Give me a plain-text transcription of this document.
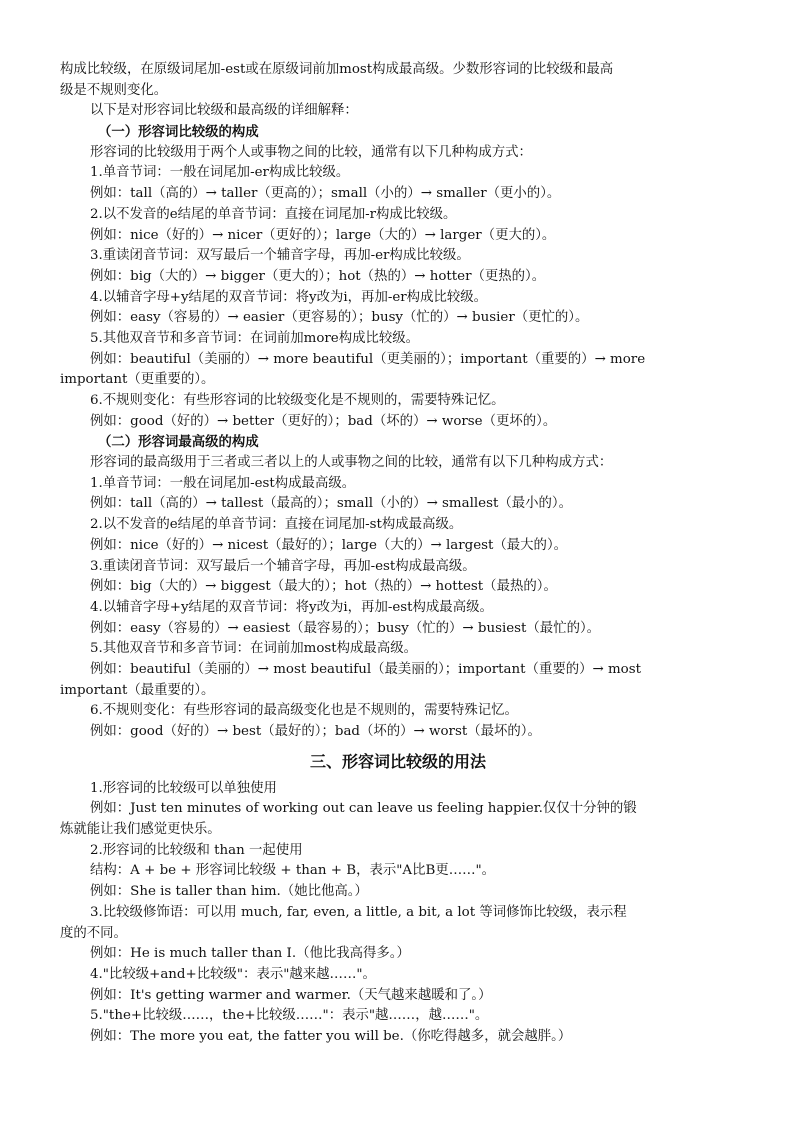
构成比较级，在原级词尾加-est或在原级词前加most构成最高级。少数形容词的比较级和最高
级是不规则变化。
以下是对形容词比较级和最高级的详细解释：
（一）形容词比较级的构成
形容词的比较级用于两个人或事物之间的比较，通常有以下几种构成方式：
1.单音节词：一般在词尾加-er构成比较级。
例如：tall（高的）→ taller（更高的）；small（小的）→ smaller（更小的）。
2.以不发音的e结尾的单音节词：直接在词尾加-r构成比较级。
例如：nice（好的）→ nicer（更好的）；large（大的）→ larger（更大的）。
3.重读闭音节词：双写最后一个辅音字母，再加-er构成比较级。
例如：big（大的）→ bigger（更大的）；hot（热的）→ hotter（更热的）。
4.以辅音字母+y结尾的双音节词：将y改为i，再加-er构成比较级。
例如：easy（容易的）→ easier（更容易的）；busy（忙的）→ busier（更忙的）。
5.其他双音节和多音节词：在词前加more构成比较级。
例如：beautiful（美丽的）→ more beautiful（更美丽的）；important（重要的）→ more
important（更重要的）。
6.不规则变化：有些形容词的比较级变化是不规则的，需要特殊记忆。
例如：good（好的）→ better（更好的）；bad（坏的）→ worse（更坏的）。
（二）形容词最高级的构成
形容词的最高级用于三者或三者以上的人或事物之间的比较，通常有以下几种构成方式：
1.单音节词：一般在词尾加-est构成最高级。
例如：tall（高的）→ tallest（最高的）；small（小的）→ smallest（最小的）。
2.以不发音的e结尾的单音节词：直接在词尾加-st构成最高级。
例如：nice（好的）→ nicest（最好的）；large（大的）→ largest（最大的）。
3.重读闭音节词：双写最后一个辅音字母，再加-est构成最高级。
例如：big（大的）→ biggest（最大的）；hot（热的）→ hottest（最热的）。
4.以辅音字母+y结尾的双音节词：将y改为i，再加-est构成最高级。
例如：easy（容易的）→ easiest（最容易的）；busy（忙的）→ busiest（最忙的）。
5.其他双音节和多音节词：在词前加most构成最高级。
例如：beautiful（美丽的）→ most beautiful（最美丽的）；important（重要的）→ most
important（最重要的）。
6.不规则变化：有些形容词的最高级变化也是不规则的，需要特殊记忆。
例如：good（好的）→ best（最好的）；bad（坏的）→ worst（最坏的）。
三、形容词比较级的用法
1.形容词的比较级可以单独使用
例如：Just ten minutes of working out can leave us feeling happier.仅仅十分钟的锻
炼就能让我们感觉更快乐。
2.形容词的比较级和 than 一起使用
结构：A + be + 形容词比较级 + than + B，表示"A比B更……"。
例如：She is taller than him.（她比他高。）
3.比较级修饰语：可以用 much, far, even, a little, a bit, a lot 等词修饰比较级，表示程
度的不同。
例如：He is much taller than I.（他比我高得多。）
4."比较级+and+比较级"：表示"越来越……"。
例如：It's getting warmer and warmer.（天气越来越暖和了。）
5."the+比较级……，the+比较级……"：表示"越……，越……"。
例如：The more you eat, the fatter you will be.（你吃得越多，就会越胖。）
